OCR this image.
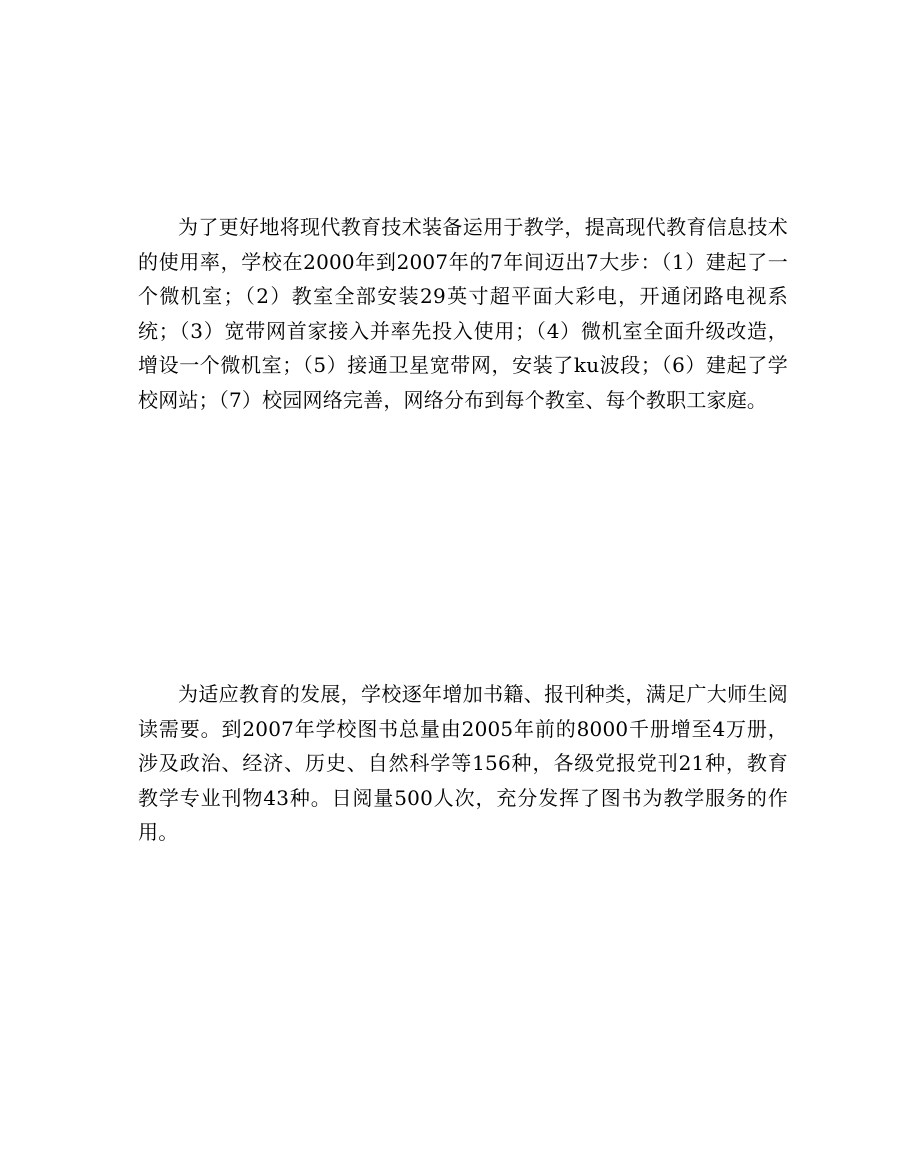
为了更好地将现代教育技术装备运用于教学，提高现代教育信息技术的使用率，学校在2000年到2007年的7年间迈出7大步：（1）建起了一个微机室；（2）教室全部安装29英寸超平面大彩电，开通闭路电视系统；（3）宽带网首家接入并率先投入使用；（4）微机室全面升级改造，增设一个微机室；（5）接通卫星宽带网，安装了ku波段；（6）建起了学校网站；（7）校园网络完善，网络分布到每个教室、每个教职工家庭。

为适应教育的发展，学校逐年增加书籍、报刊种类，满足广大师生阅读需要。到2007年学校图书总量由2005年前的8000千册增至4万册，涉及政治、经济、历史、自然科学等156种，各级党报党刊21种，教育教学专业刊物43种。日阅量500人次，充分发挥了图书为教学服务的作用。
